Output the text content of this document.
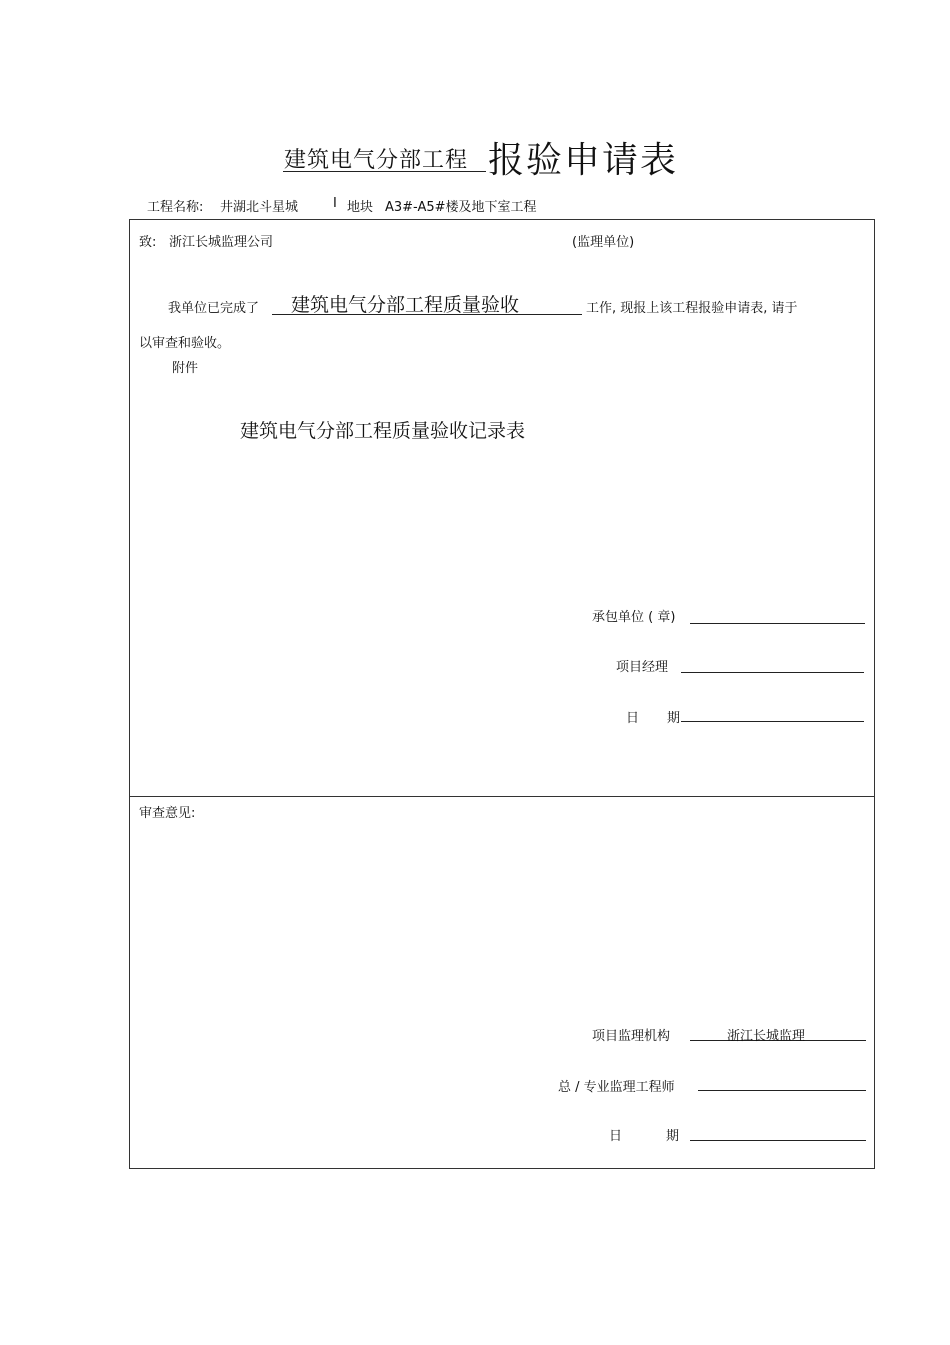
建筑电气分部工程 报验申请表
工程名称: 井湖北斗星城	I 地块 A3#-A5#楼及地下室工程
致: 浙江长城监理公司	(监理单位)
我单位已完成了 建筑电气分部工程质量验收	工作, 现报上该工程报验申请表, 请于
以审查和验收。
附件
建筑电气分部工程质量验收记录表
承包单位 ( 章)
项目经理
日 期
审查意见:
项目监理机构	浙江长城监理
总 / 专业监理工程师
日	期
